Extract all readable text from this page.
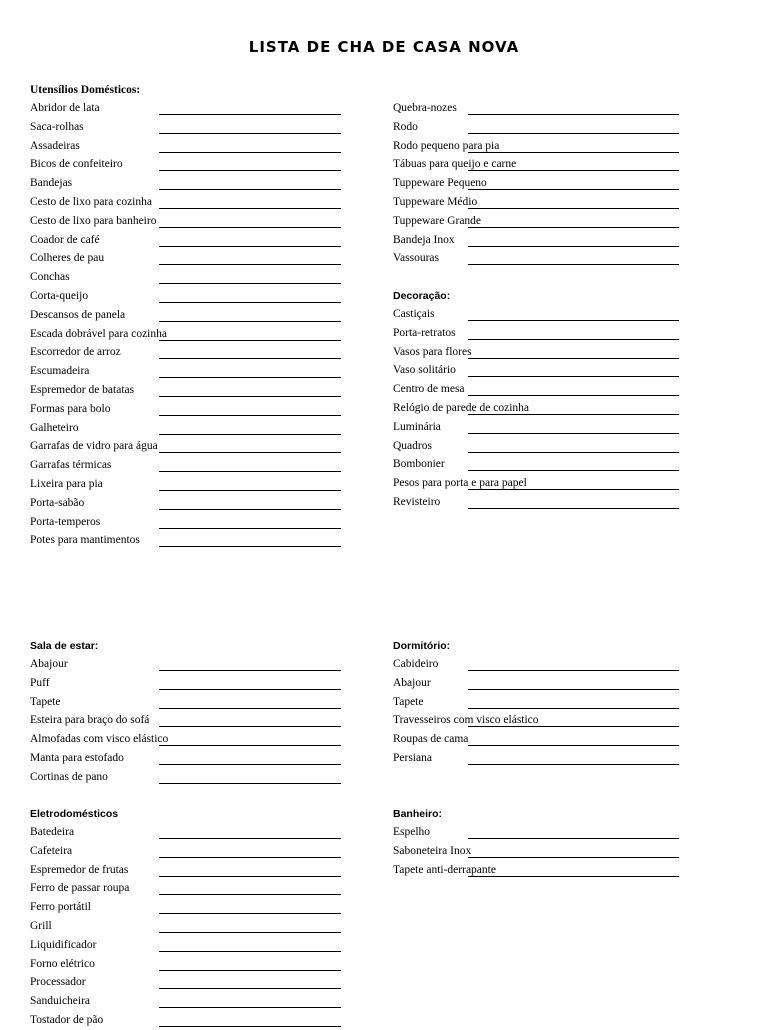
LISTA DE CHA DE CASA NOVA
Utensílios Domésticos:
Abridor de lata
Saca-rolhas
Assadeiras
Bicos de confeiteiro
Bandejas
Cesto de lixo para cozinha
Cesto de lixo para banheiro
Coador de café
Colheres de pau
Conchas
Corta-queijo
Descansos de panela
Escada dobrável para cozinha
Escorredor de arroz
Escumadeira
Espremedor de batatas
Formas para bolo
Galheteiro
Garrafas de vidro para água
Garrafas térmicas
Lixeira para pia
Porta-sabão
Porta-temperos
Potes para mantimentos
Quebra-nozes
Rodo
Rodo pequeno para pia
Tábuas para queijo e carne
Tuppeware Pequeno
Tuppeware Médio
Tuppeware Grande
Bandeja Inox
Vassouras
Decoração:
Castiçais
Porta-retratos
Vasos para flores
Vaso solitário
Centro de mesa
Relógio de parede de cozinha
Luminária
Quadros
Bombonier
Pesos para porta e para papel
Revisteiro
Sala de estar:
Abajour
Puff
Tapete
Esteira para braço do sofá
Almofadas com visco elástico
Manta para estofado
Cortinas de pano
Dormitório:
Cabideiro
Abajour
Tapete
Travesseiros com visco elástico
Roupas de cama
Persiana
Eletrodomésticos
Batedeira
Cafeteira
Espremedor de frutas
Ferro de passar roupa
Ferro portátil
Grill
Liquidificador
Forno elétrico
Processador
Sanduicheira
Tostador de pão
Banheiro:
Espelho
Saboneteira Inox
Tapete anti-derrapante
